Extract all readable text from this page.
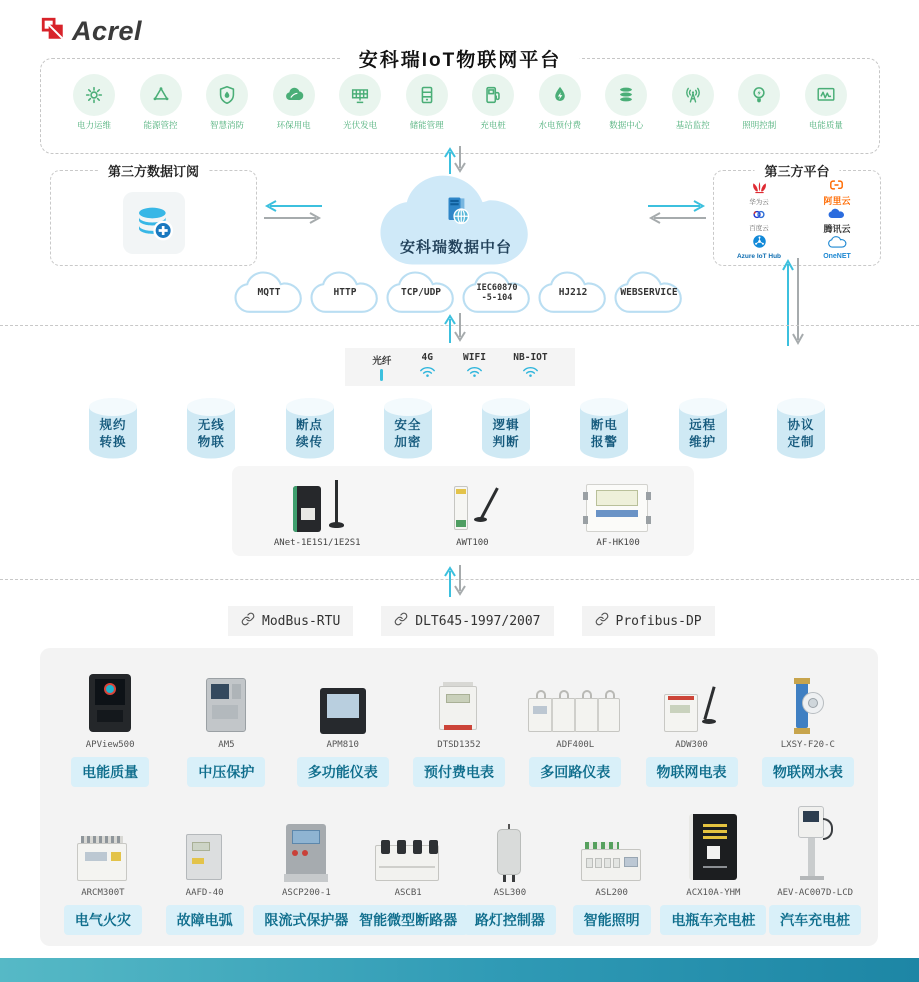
Acrel
安科瑞IoT物联网平台
电力运维	能源管控	智慧消防	环保用电	光伏发电	储能管理	充电桩	水电预付费	数据中心	基站监控	照明控制	电能质量
第三方数据订阅
安科瑞数据中台
第三方平台
华为云	阿里云
百度云	腾讯云
Azure IoT Hub	OneNET
MQTT	HTTP	TCP/UDP	IEC60870
-5-104
HJ212	WEBSERVICE
光纤	4G	WIFI	NB-IOT
规约
转换
无线
物联
断点
续传
安全
加密
逻辑
判断
断电
报警
远程
维护
协议
定制
ANet-1E1S1/1E2S1	AWT100	AF-HK100
ModBus-RTU	DLT645-1997/2007	Profibus-DP
APView500
电能质量
AM5
中压保护
APM810
多功能仪表
DTSD1352
预付费电表
ADF400L
多回路仪表
ADW300
物联网电表
LXSY-F20-C
物联网水表
ARCM300T
电气火灾
AAFD-40
故障电弧
ASCP200-1
限流式保护器
ASCB1
智能微型断路器
ASL300
路灯控制器
ASL200
智能照明
ACX10A-YHM
电瓶车充电桩
AEV-AC007D-LCD
汽车充电桩
